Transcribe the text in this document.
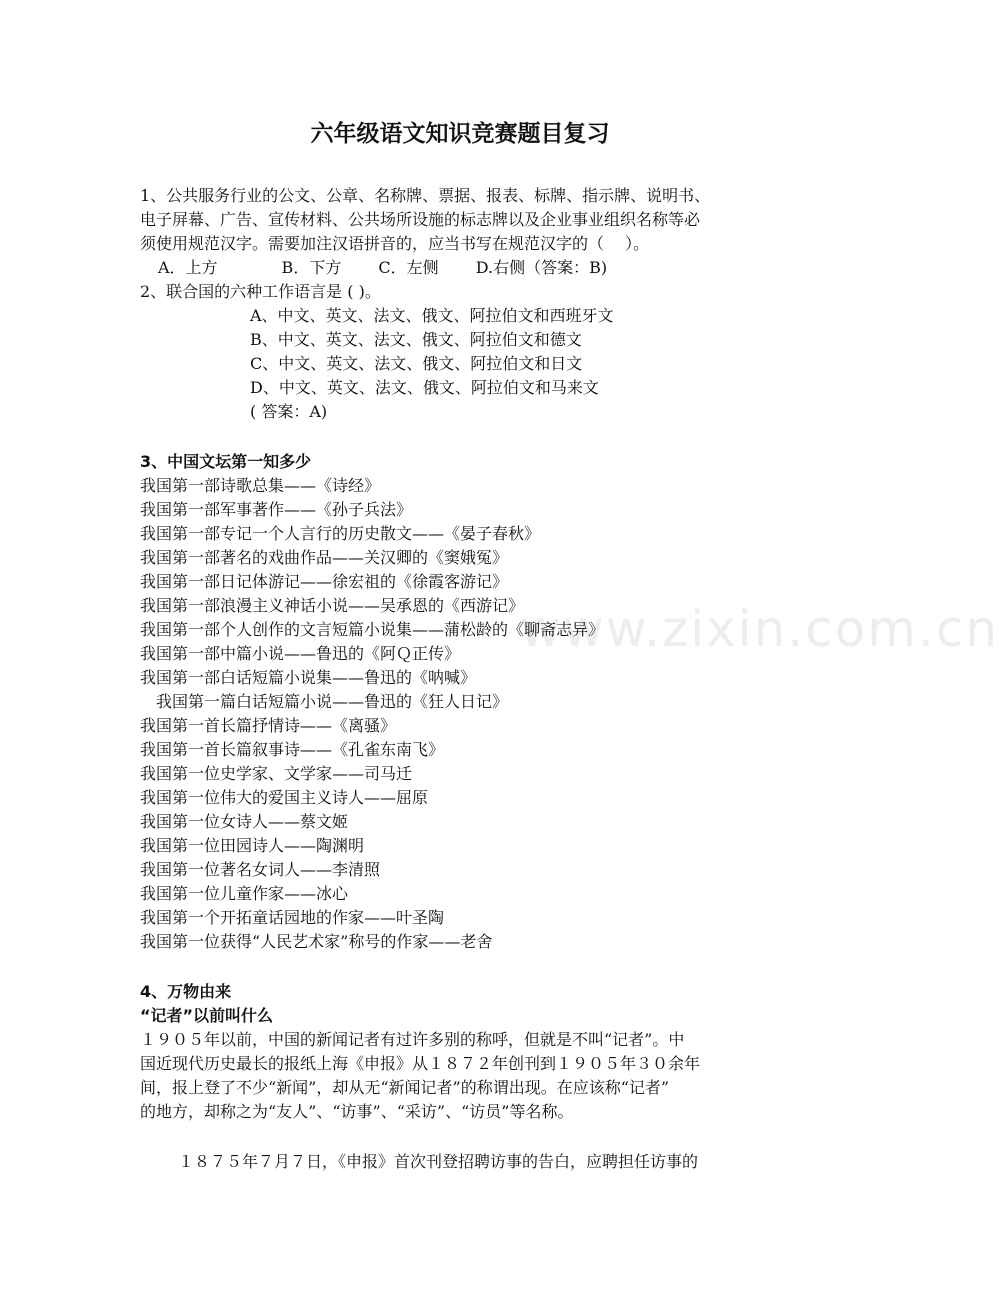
www.zixin.com.cn
六年级语文知识竞赛题目复习
1、公共服务行业的公文、公章、名称牌、票据、报表、标牌、指示牌、说明书、
电子屏幕、广告、宣传材料、公共场所设施的标志牌以及企业事业组织名称等必
须使用规范汉字。需要加注汉语拼音的，应当书写在规范汉字的（　 ）。
A．上方　　　　B．下方　　 C．左侧　　 D.右侧（答案：B)
2、联合国的六种工作语言是 ( )。
A、中文、英文、法文、俄文、阿拉伯文和西班牙文
B、中文、英文、法文、俄文、阿拉伯文和德文
C、中文、英文、法文、俄文、阿拉伯文和日文
D、中文、英文、法文、俄文、阿拉伯文和马来文
( 答案：A)
3、中国文坛第一知多少
我国第一部诗歌总集——《诗经》
我国第一部军事著作——《孙子兵法》
我国第一部专记一个人言行的历史散文——《晏子春秋》
我国第一部著名的戏曲作品——关汉卿的《窦娥冤》
我国第一部日记体游记——徐宏祖的《徐霞客游记》
我国第一部浪漫主义神话小说——吴承恩的《西游记》
我国第一部个人创作的文言短篇小说集——蒲松龄的《聊斋志异》
我国第一部中篇小说——鲁迅的《阿Ｑ正传》
我国第一部白话短篇小说集——鲁迅的《呐喊》
我国第一篇白话短篇小说——鲁迅的《狂人日记》
我国第一首长篇抒情诗——《离骚》
我国第一首长篇叙事诗——《孔雀东南飞》
我国第一位史学家、文学家——司马迁
我国第一位伟大的爱国主义诗人——屈原
我国第一位女诗人——蔡文姬
我国第一位田园诗人——陶渊明
我国第一位著名女词人——李清照
我国第一位儿童作家——冰心
我国第一个开拓童话园地的作家——叶圣陶
我国第一位获得“人民艺术家”称号的作家——老舍
4、万物由来
“记者”以前叫什么
１９０５年以前，中国的新闻记者有过许多别的称呼，但就是不叫“记者”。中
国近现代历史最长的报纸上海《申报》从１８７２年创刊到１９０５年３０余年
间，报上登了不少“新闻”，却从无“新闻记者”的称谓出现。在应该称“记者”
的地方，却称之为“友人”、“访事”、“采访”、“访员”等名称。
１８７５年７月７日，《申报》首次刊登招聘访事的告白，应聘担任访事的
